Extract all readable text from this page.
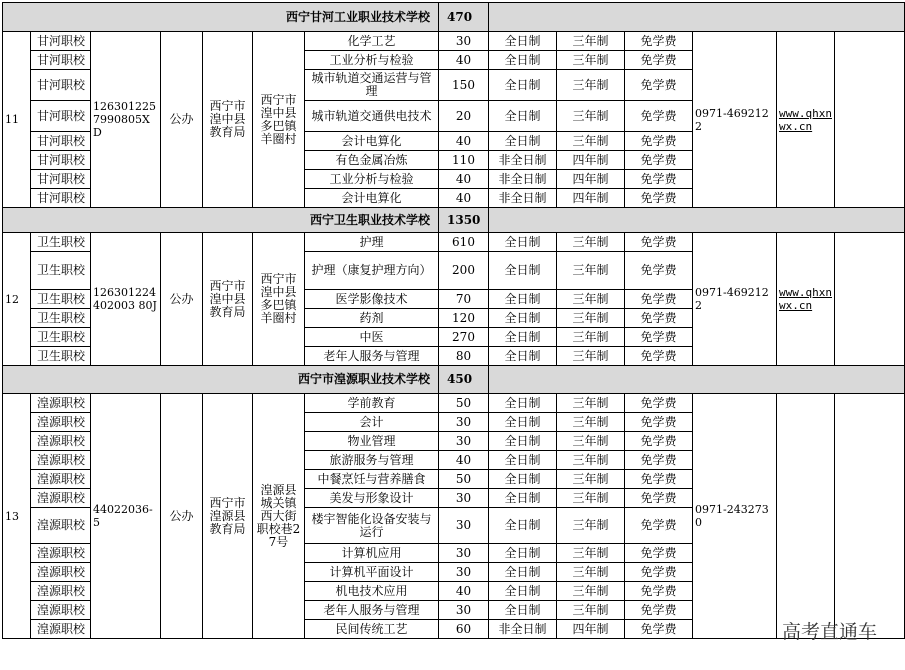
西宁甘河工业职业技术学校							470						
11	甘河职校	1263012257990805XD	公办	西宁市湟中县教育局	西宁市湟中县多巴镇羊圈村	化学工艺	30	全日制	三年制	免学费	0971-4692122	www.qhxnwx.cn	
	甘河职校					工业分析与检验	40	全日制	三年制	免学费			
	甘河职校					城市轨道交通运营与管理	150	全日制	三年制	免学费			
	甘河职校					城市轨道交通供电技术	20	全日制	三年制	免学费			
	甘河职校					会计电算化	40	全日制	三年制	免学费			
	甘河职校					有色金属冶炼	110	非全日制	四年制	免学费			
	甘河职校					工业分析与检验	40	非全日制	四年制	免学费			
	甘河职校					会计电算化	40	非全日制	四年制	免学费			
西宁卫生职业技术学校							1350						
12	卫生职校	126301224402003 80J	公办	西宁市湟中县教育局	西宁市湟中县多巴镇羊圈村	护理	610	全日制	三年制	免学费	0971-4692122	www.qhxnwx.cn	
	卫生职校					护理（康复护理方向）	200	全日制	三年制	免学费			
	卫生职校					医学影像技术	70	全日制	三年制	免学费			
	卫生职校					药剂	120	全日制	三年制	免学费			
	卫生职校					中医	270	全日制	三年制	免学费			
	卫生职校					老年人服务与管理	80	全日制	三年制	免学费			
西宁市湟源职业技术学校							450						
13	湟源职校	44022036-5	公办	西宁市湟源县教育局	湟源县城关镇西大街职校巷27号	学前教育	50	全日制	三年制	免学费	0971-2432730		
	湟源职校					会计	30	全日制	三年制	免学费			
	湟源职校					物业管理	30	全日制	三年制	免学费			
	湟源职校					旅游服务与管理	40	全日制	三年制	免学费			
	湟源职校					中餐烹饪与营养膳食	50	全日制	三年制	免学费			
	湟源职校					美发与形象设计	30	全日制	三年制	免学费			
	湟源职校					楼宇智能化设备安装与运行	30	全日制	三年制	免学费			
	湟源职校					计算机应用	30	全日制	三年制	免学费			
	湟源职校					计算机平面设计	30	全日制	三年制	免学费			
	湟源职校					机电技术应用	40	全日制	三年制	免学费			
	湟源职校					老年人服务与管理	30	全日制	三年制	免学费			
	湟源职校					民间传统工艺	60	非全日制	四年制	免学费				高考直通车
